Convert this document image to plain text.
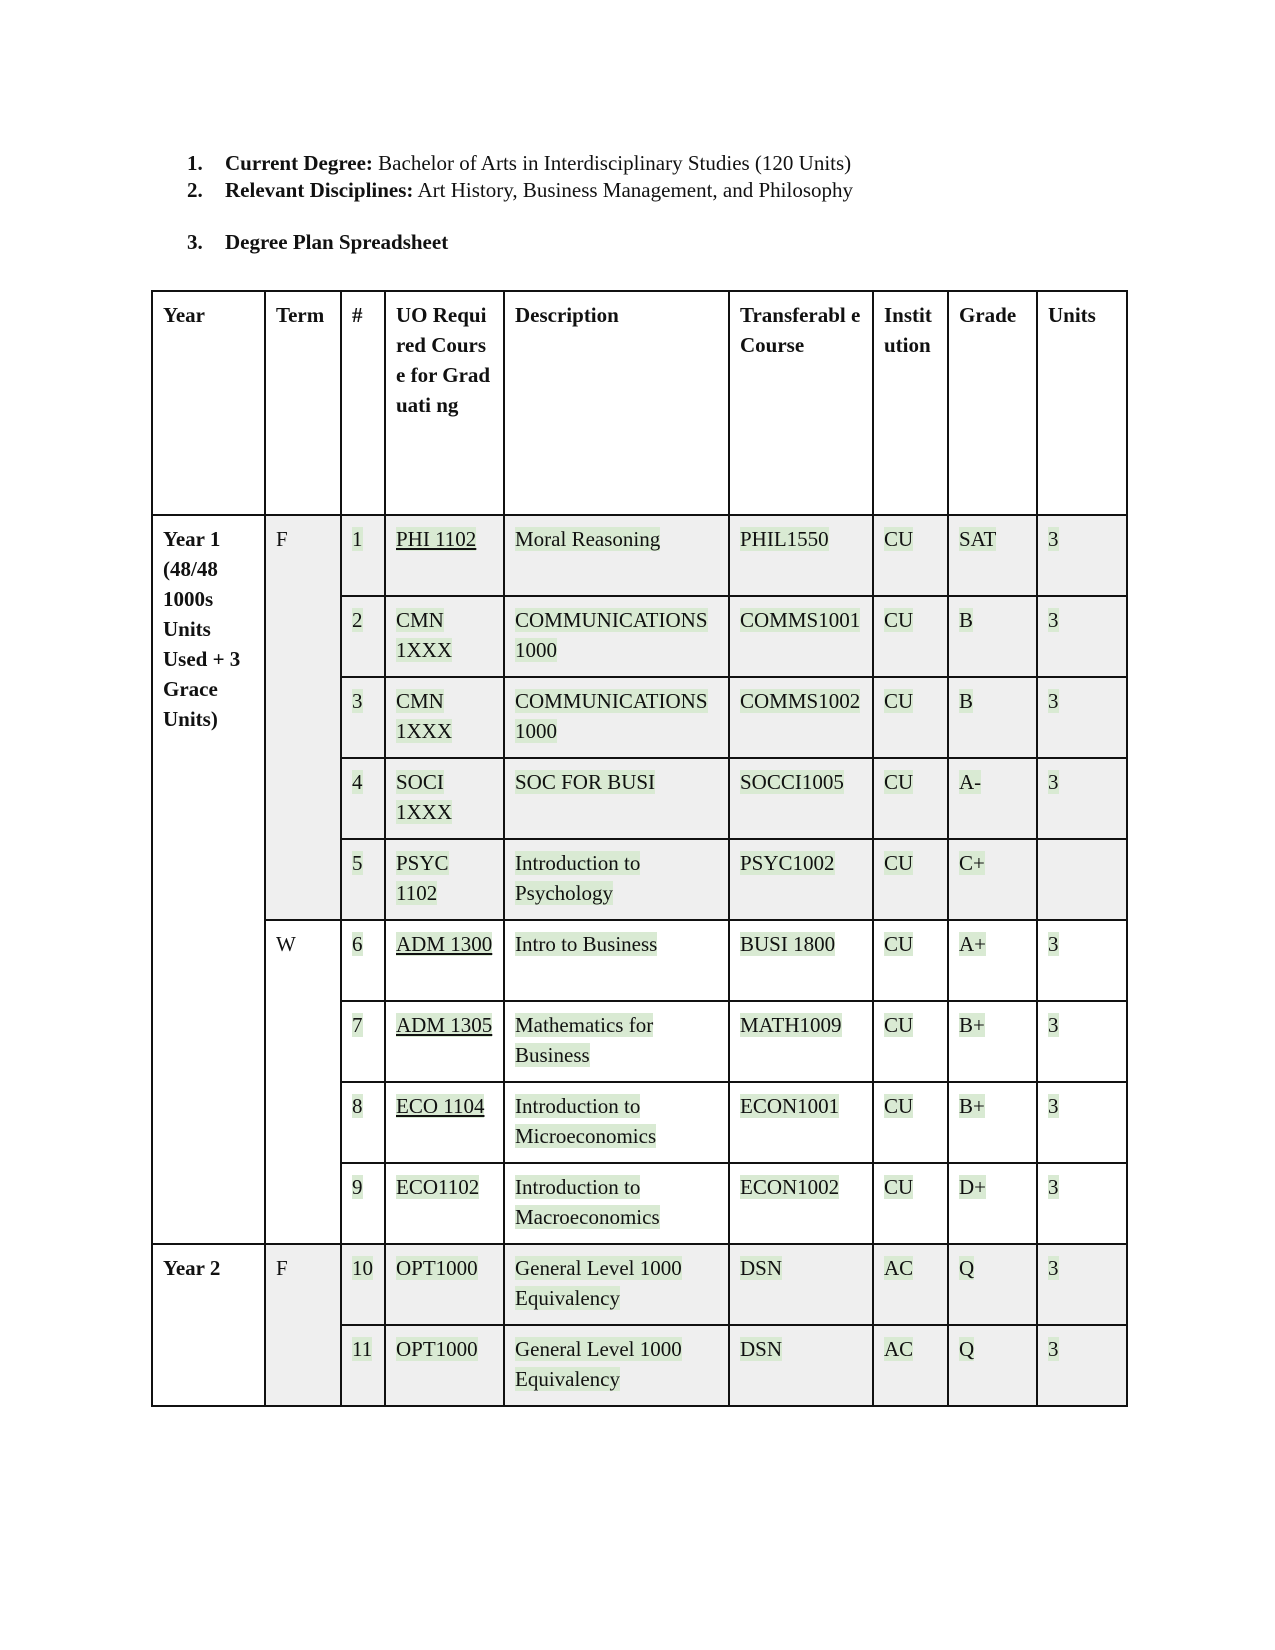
1. Current Degree: Bachelor of Arts in Interdisciplinary Studies (120 Units)
2. Relevant Disciplines: Art History, Business Management, and Philosophy
3. Degree Plan Spreadsheet
Year	Term	#	UO Required Course for Graduati ng	Description	Transferabl e Course	Instit ution	Grade	Units
Year 1 (48/48 1000s Units Used + 3 Grace Units)	F	1	PHI 1102	Moral Reasoning	PHIL1550	CU	SAT	3
		2	CMN 1XXX	COMMUNICATIONS 1000	COMMS1001	CU	B	3
		3	CMN 1XXX	COMMUNICATIONS 1000	COMMS1002	CU	B	3
		4	SOCI 1XXX	SOC FOR BUSI	SOCCI1005	CU	A-	3
		5	PSYC 1102	Introduction to Psychology	PSYC1002	CU	C+	
	W	6	ADM 1300	Intro to Business	BUSI 1800	CU	A+	3
		7	ADM 1305	Mathematics for Business	MATH1009	CU	B+	3
		8	ECO 1104	Introduction to Microeconomics	ECON1001	CU	B+	3
		9	ECO1102	Introduction to Macroeconomics	ECON1002	CU	D+	3
Year 2	F	10	OPT1000	General Level 1000 Equivalency	DSN	AC	Q	3
		11	OPT1000	General Level 1000 Equivalency	DSN	AC	Q	3
